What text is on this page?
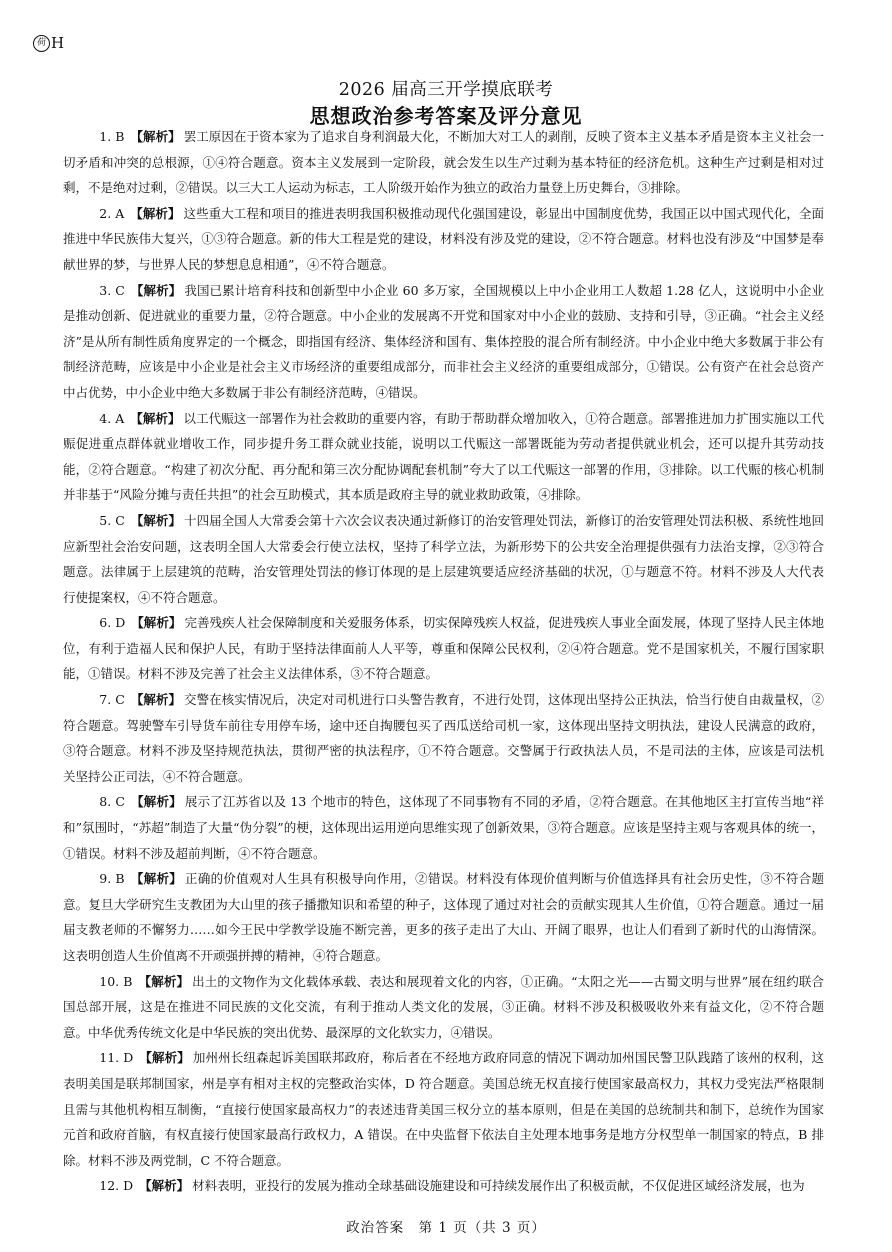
荷 H
2026 届高三开学摸底联考
思想政治参考答案及评分意见

1. B 【解析】 罢工原因在于资本家为了追求自身利润最大化，不断加大对工人的剥削，反映了资本主义基本矛盾是资本主义社会一切矛盾和冲突的总根源，①④符合题意。资本主义发展到一定阶段，就会发生以生产过剩为基本特征的经济危机。这种生产过剩是相对过剩，不是绝对过剩，②错误。以三大工人运动为标志，工人阶级开始作为独立的政治力量登上历史舞台，③排除。

2. A 【解析】 这些重大工程和项目的推进表明我国积极推动现代化强国建设，彰显出中国制度优势，我国正以中国式现代化，全面推进中华民族伟大复兴，①③符合题意。新的伟大工程是党的建设，材料没有涉及党的建设，②不符合题意。材料也没有涉及“中国梦是奉献世界的梦，与世界人民的梦想息息相通”，④不符合题意。

3. C 【解析】 我国已累计培育科技和创新型中小企业 60 多万家，全国规模以上中小企业用工人数超 1.28 亿人，这说明中小企业是推动创新、促进就业的重要力量，②符合题意。中小企业的发展离不开党和国家对中小企业的鼓励、支持和引导，③正确。“社会主义经济”是从所有制性质角度界定的一个概念，即指国有经济、集体经济和国有、集体控股的混合所有制经济。中小企业中绝大多数属于非公有制经济范畴，应该是中小企业是社会主义市场经济的重要组成部分，而非社会主义经济的重要组成部分，①错误。公有资产在社会总资产中占优势，中小企业中绝大多数属于非公有制经济范畴，④错误。

4. A 【解析】 以工代赈这一部署作为社会救助的重要内容，有助于帮助群众增加收入，①符合题意。部署推进加力扩围实施以工代赈促进重点群体就业增收工作，同步提升务工群众就业技能，说明以工代赈这一部署既能为劳动者提供就业机会，还可以提升其劳动技能，②符合题意。“构建了初次分配、再分配和第三次分配协调配套机制”夸大了以工代赈这一部署的作用，③排除。以工代赈的核心机制并非基于“风险分摊与责任共担”的社会互助模式，其本质是政府主导的就业救助政策，④排除。

5. C 【解析】 十四届全国人大常委会第十六次会议表决通过新修订的治安管理处罚法，新修订的治安管理处罚法积极、系统性地回应新型社会治安问题，这表明全国人大常委会行使立法权，坚持了科学立法，为新形势下的公共安全治理提供强有力法治支撑，②③符合题意。法律属于上层建筑的范畴，治安管理处罚法的修订体现的是上层建筑要适应经济基础的状况，①与题意不符。材料不涉及人大代表行使提案权，④不符合题意。

6. D 【解析】 完善残疾人社会保障制度和关爱服务体系，切实保障残疾人权益，促进残疾人事业全面发展，体现了坚持人民主体地位，有利于造福人民和保护人民，有助于坚持法律面前人人平等，尊重和保障公民权利，②④符合题意。党不是国家机关，不履行国家职能，①错误。材料不涉及完善了社会主义法律体系，③不符合题意。

7. C 【解析】 交警在核实情况后，决定对司机进行口头警告教育，不进行处罚，这体现出坚持公正执法，恰当行使自由裁量权，②符合题意。驾驶警车引导货车前往专用停车场，途中还自掏腰包买了西瓜送给司机一家，这体现出坚持文明执法，建设人民满意的政府，③符合题意。材料不涉及坚持规范执法，贯彻严密的执法程序，①不符合题意。交警属于行政执法人员，不是司法的主体，应该是司法机关坚持公正司法，④不符合题意。

8. C 【解析】 展示了江苏省以及 13 个地市的特色，这体现了不同事物有不同的矛盾，②符合题意。在其他地区主打宣传当地“祥和”氛围时，“苏超”制造了大量“伪分裂”的梗，这体现出运用逆向思维实现了创新效果，③符合题意。应该是坚持主观与客观具体的统一，①错误。材料不涉及超前判断，④不符合题意。

9. B 【解析】 正确的价值观对人生具有积极导向作用，②错误。材料没有体现价值判断与价值选择具有社会历史性，③不符合题意。复旦大学研究生支教团为大山里的孩子播撒知识和希望的种子，这体现了通过对社会的贡献实现其人生价值，①符合题意。通过一届届支教老师的不懈努力……如今王民中学教学设施不断完善，更多的孩子走出了大山、开阔了眼界，也让人们看到了新时代的山海情深。这表明创造人生价值离不开顽强拼搏的精神，④符合题意。

10. B 【解析】 出土的文物作为文化载体承载、表达和展现着文化的内容，①正确。“太阳之光——古蜀文明与世界”展在纽约联合国总部开展，这是在推进不同民族的文化交流，有利于推动人类文化的发展，③正确。材料不涉及积极吸收外来有益文化，②不符合题意。中华优秀传统文化是中华民族的突出优势、最深厚的文化软实力，④错误。

11. D 【解析】 加州州长纽森起诉美国联邦政府，称后者在不经地方政府同意的情况下调动加州国民警卫队践踏了该州的权利，这表明美国是联邦制国家，州是享有相对主权的完整政治实体，D 符合题意。美国总统无权直接行使国家最高权力，其权力受宪法严格限制且需与其他机构相互制衡，“直接行使国家最高权力”的表述违背美国三权分立的基本原则，但是在美国的总统制共和制下，总统作为国家元首和政府首脑，有权直接行使国家最高行政权力，A 错误。在中央监督下依法自主处理本地事务是地方分权型单一制国家的特点，B 排除。材料不涉及两党制，C 不符合题意。

12. D 【解析】 材料表明，亚投行的发展为推动全球基础设施建设和可持续发展作出了积极贡献，不仅促进区域经济发展，也为

政治答案　第 1 页（共 3 页）
